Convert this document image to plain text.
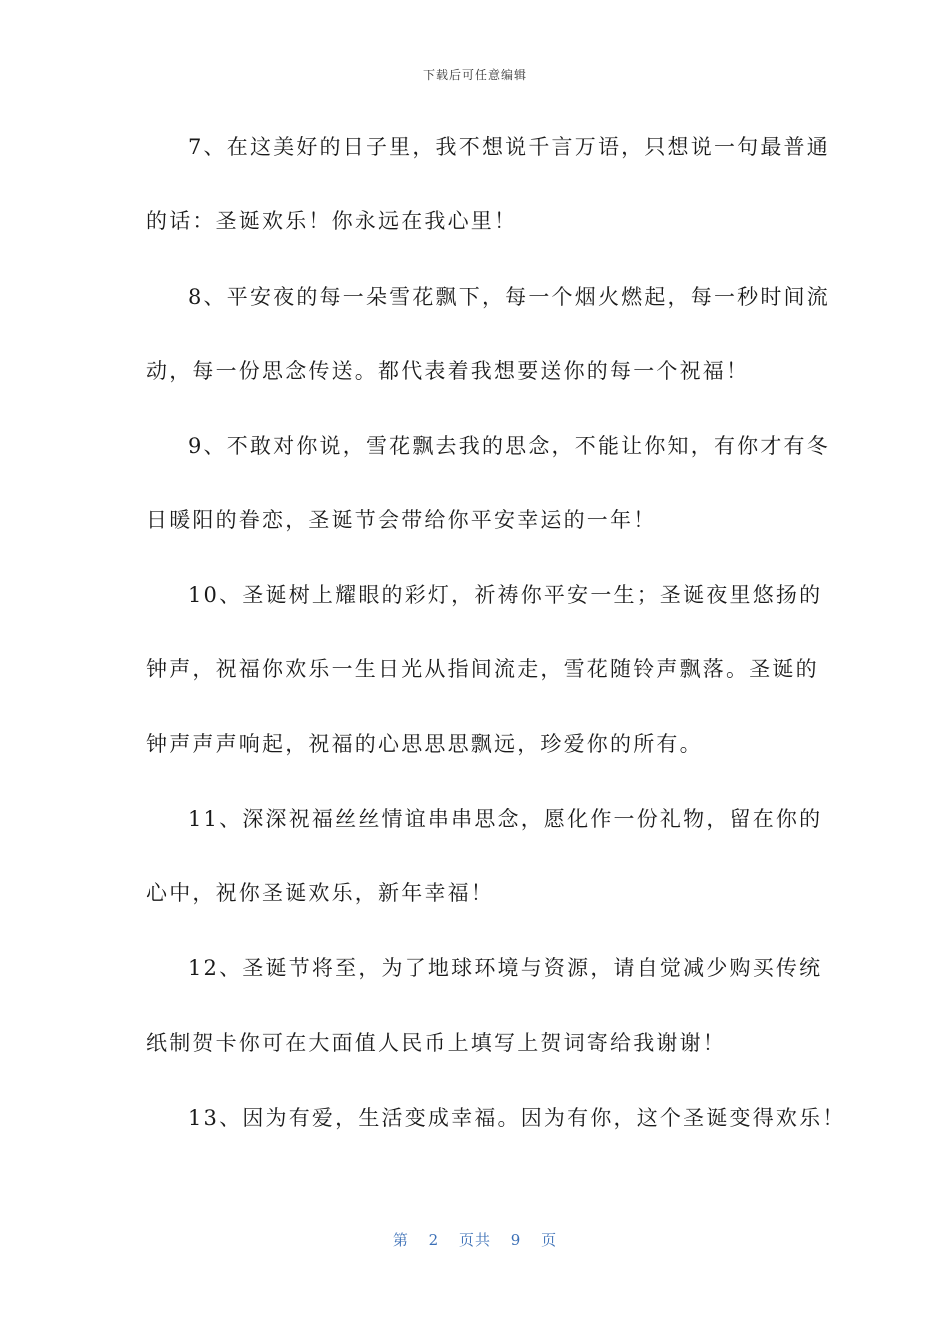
下载后可任意编辑
7、在这美好的日子里，我不想说千言万语，只想说一句最普通
的话：圣诞欢乐！你永远在我心里！
8、平安夜的每一朵雪花飘下，每一个烟火燃起，每一秒时间流
动，每一份思念传送。都代表着我想要送你的每一个祝福！
9、不敢对你说，雪花飘去我的思念，不能让你知，有你才有冬
日暖阳的眷恋，圣诞节会带给你平安幸运的一年！
10、圣诞树上耀眼的彩灯，祈祷你平安一生；圣诞夜里悠扬的
钟声，祝福你欢乐一生日光从指间流走，雪花随铃声飘落。圣诞的
钟声声声响起，祝福的心思思思飘远，珍爱你的所有。
11、深深祝福丝丝情谊串串思念，愿化作一份礼物，留在你的
心中，祝你圣诞欢乐，新年幸福！
12、圣诞节将至，为了地球环境与资源，请自觉减少购买传统
纸制贺卡你可在大面值人民币上填写上贺词寄给我谢谢！
13、因为有爱，生活变成幸福。因为有你，这个圣诞变得欢乐！
第 2 页共 9 页
